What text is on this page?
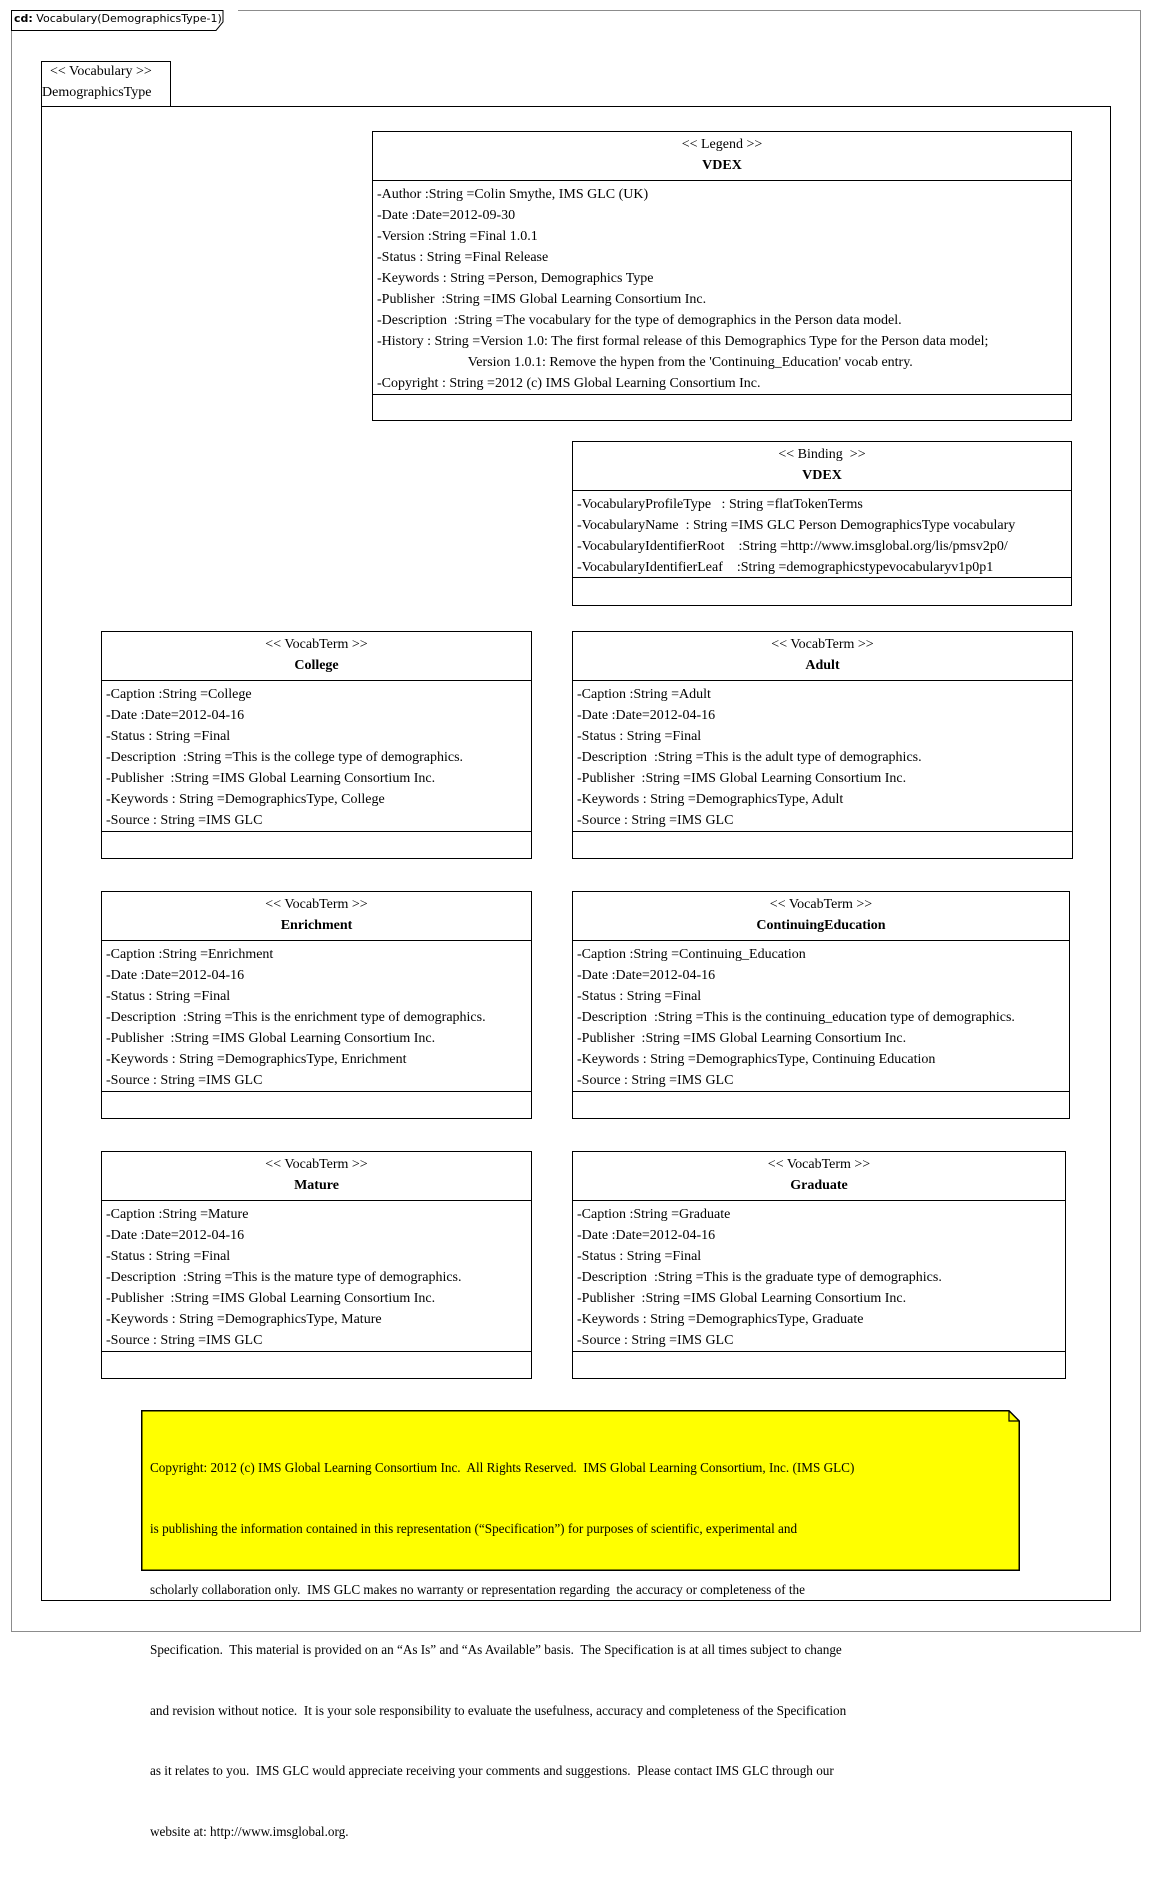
cd: Vocabulary(DemographicsType-1)
<< Vocabulary >>
DemographicsType
<< Legend >>
VDEX
-Author :String =Colin Smythe, IMS GLC (UK)
-Date :Date=2012-09-30
-Version :String =Final 1.0.1
-Status : String =Final Release
-Keywords : String =Person, Demographics Type
-Publisher  :String =IMS Global Learning Consortium Inc.
-Description  :String =The vocabulary for the type of demographics in the Person data model.
-History : String =Version 1.0: The first formal release of this Demographics Type for the Person data model;
Version 1.0.1: Remove the hypen from the 'Continuing_Education' vocab entry.
-Copyright : String =2012 (c) IMS Global Learning Consortium Inc.
<< Binding  >>
VDEX
-VocabularyProfileType   : String =flatTokenTerms
-VocabularyName  : String =IMS GLC Person DemographicsType vocabulary
-VocabularyIdentifierRoot    :String =http://www.imsglobal.org/lis/pmsv2p0/
-VocabularyIdentifierLeaf    :String =demographicstypevocabularyv1p0p1
<< VocabTerm >>
College
-Caption :String =College
-Date :Date=2012-04-16
-Status : String =Final
-Description  :String =This is the college type of demographics.
-Publisher  :String =IMS Global Learning Consortium Inc.
-Keywords : String =DemographicsType, College
-Source : String =IMS GLC
<< VocabTerm >>
Adult
-Caption :String =Adult
-Date :Date=2012-04-16
-Status : String =Final
-Description  :String =This is the adult type of demographics.
-Publisher  :String =IMS Global Learning Consortium Inc.
-Keywords : String =DemographicsType, Adult
-Source : String =IMS GLC
<< VocabTerm >>
Enrichment
-Caption :String =Enrichment
-Date :Date=2012-04-16
-Status : String =Final
-Description  :String =This is the enrichment type of demographics.
-Publisher  :String =IMS Global Learning Consortium Inc.
-Keywords : String =DemographicsType, Enrichment
-Source : String =IMS GLC
<< VocabTerm >>
ContinuingEducation
-Caption :String =Continuing_Education
-Date :Date=2012-04-16
-Status : String =Final
-Description  :String =This is the continuing_education type of demographics.
-Publisher  :String =IMS Global Learning Consortium Inc.
-Keywords : String =DemographicsType, Continuing Education
-Source : String =IMS GLC
<< VocabTerm >>
Mature
-Caption :String =Mature
-Date :Date=2012-04-16
-Status : String =Final
-Description  :String =This is the mature type of demographics.
-Publisher  :String =IMS Global Learning Consortium Inc.
-Keywords : String =DemographicsType, Mature
-Source : String =IMS GLC
<< VocabTerm >>
Graduate
-Caption :String =Graduate
-Date :Date=2012-04-16
-Status : String =Final
-Description  :String =This is the graduate type of demographics.
-Publisher  :String =IMS Global Learning Consortium Inc.
-Keywords : String =DemographicsType, Graduate
-Source : String =IMS GLC

Copyright: 2012 (c) IMS Global Learning Consortium Inc.  All Rights Reserved.  IMS Global Learning Consortium, Inc. (IMS GLC)

is publishing the information contained in this representation (“Specification”) for purposes of scientific, experimental and

scholarly collaboration only.  IMS GLC makes no warranty or representation regarding  the accuracy or completeness of the

Specification.  This material is provided on an “As Is” and “As Available” basis.  The Specification is at all times subject to change

and revision without notice.  It is your sole responsibility to evaluate the usefulness, accuracy and completeness of the Specification

as it relates to you.  IMS GLC would appreciate receiving your comments and suggestions.  Please contact IMS GLC through our

website at: http://www.imsglobal.org.
